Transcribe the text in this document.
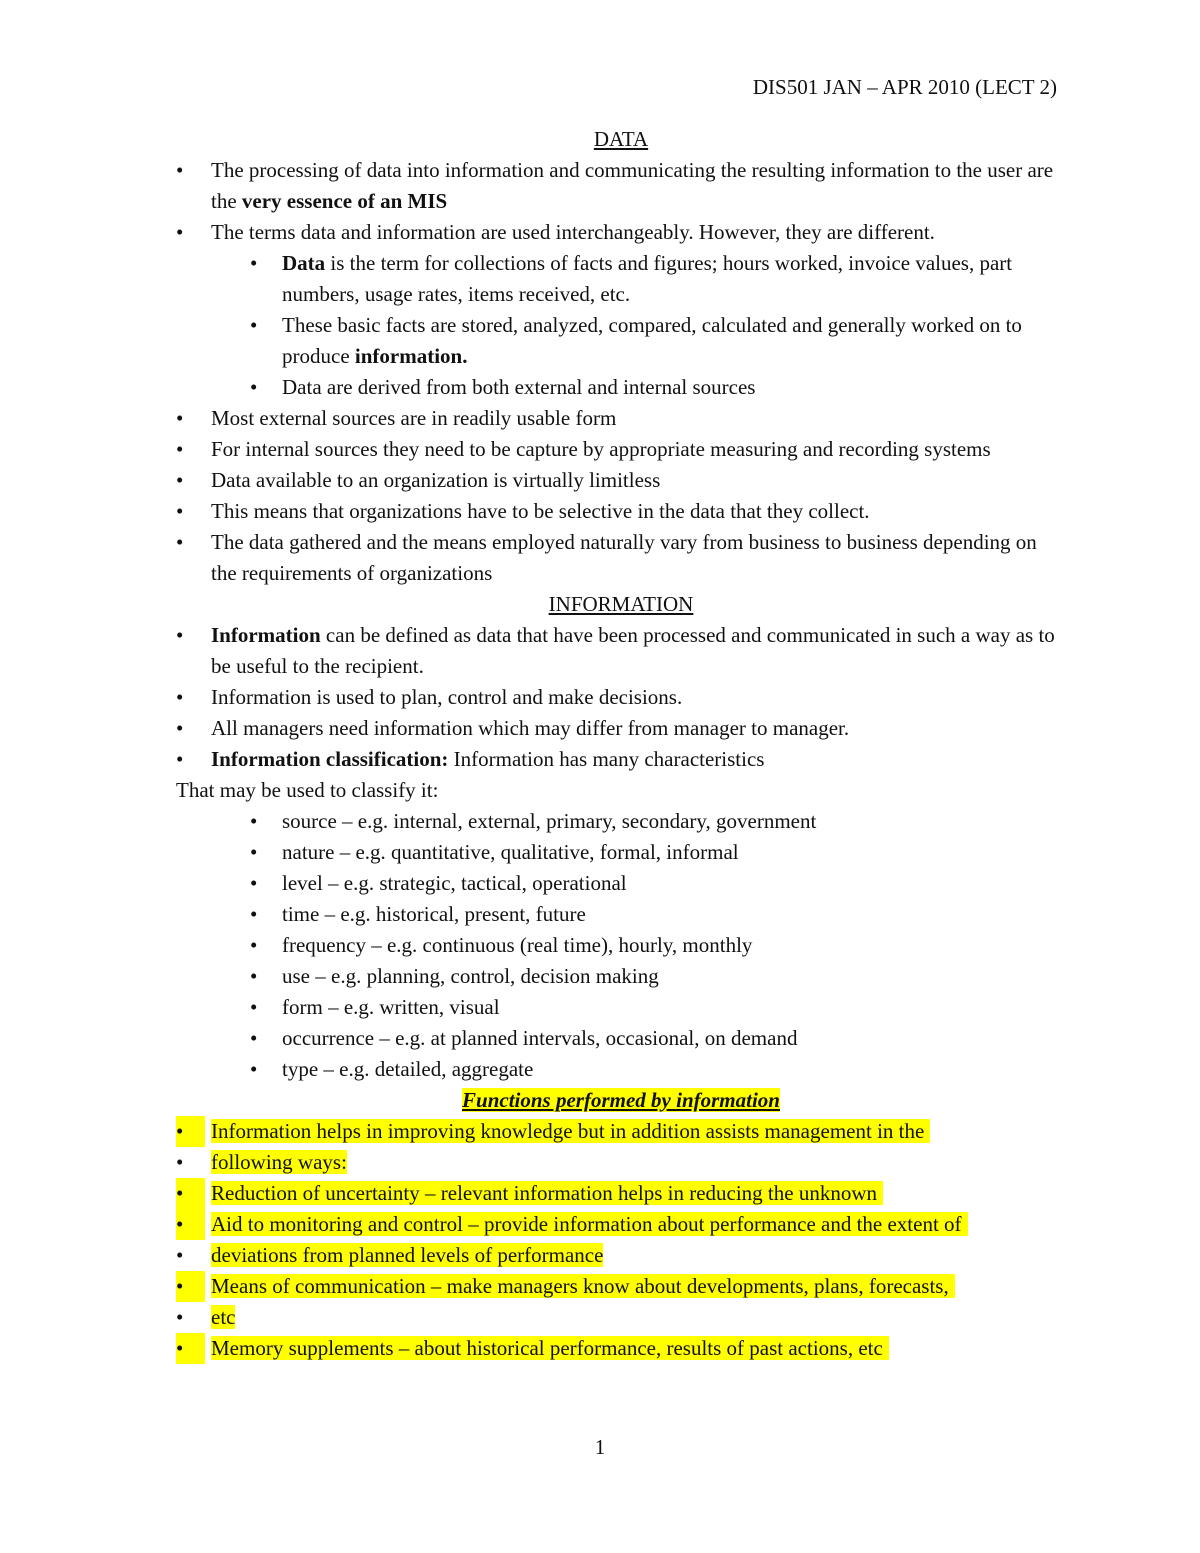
DIS501 JAN – APR 2010 (LECT 2)
DATA
• The processing of data into information and communicating the resulting information to the user are the very essence of an MIS
• The terms data and information are used interchangeably. However, they are different.
• Data is the term for collections of facts and figures; hours worked, invoice values, part numbers, usage rates, items received, etc.
• These basic facts are stored, analyzed, compared, calculated and generally worked on to produce information.
• Data are derived from both external and internal sources
• Most external sources are in readily usable form
• For internal sources they need to be capture by appropriate measuring and recording systems
• Data available to an organization is virtually limitless
• This means that organizations have to be selective in the data that they collect.
• The data gathered and the means employed naturally vary from business to business depending on the requirements of organizations
INFORMATION
• Information can be defined as data that have been processed and communicated in such a way as to be useful to the recipient.
• Information is used to plan, control and make decisions.
• All managers need information which may differ from manager to manager.
• Information classification: Information has many characteristics
That may be used to classify it:
• source – e.g. internal, external, primary, secondary, government
• nature – e.g. quantitative, qualitative, formal, informal
• level – e.g. strategic, tactical, operational
• time – e.g. historical, present, future
• frequency – e.g. continuous (real time), hourly, monthly
• use – e.g. planning, control, decision making
• form – e.g. written, visual
• occurrence – e.g. at planned intervals, occasional, on demand
• type – e.g. detailed, aggregate
Functions performed by information
• Information helps in improving knowledge but in addition assists management in the
• following ways:
• Reduction of uncertainty – relevant information helps in reducing the unknown
• Aid to monitoring and control – provide information about performance and the extent of
• deviations from planned levels of performance
• Means of communication – make managers know about developments, plans, forecasts,
• etc
• Memory supplements – about historical performance, results of past actions, etc
1
